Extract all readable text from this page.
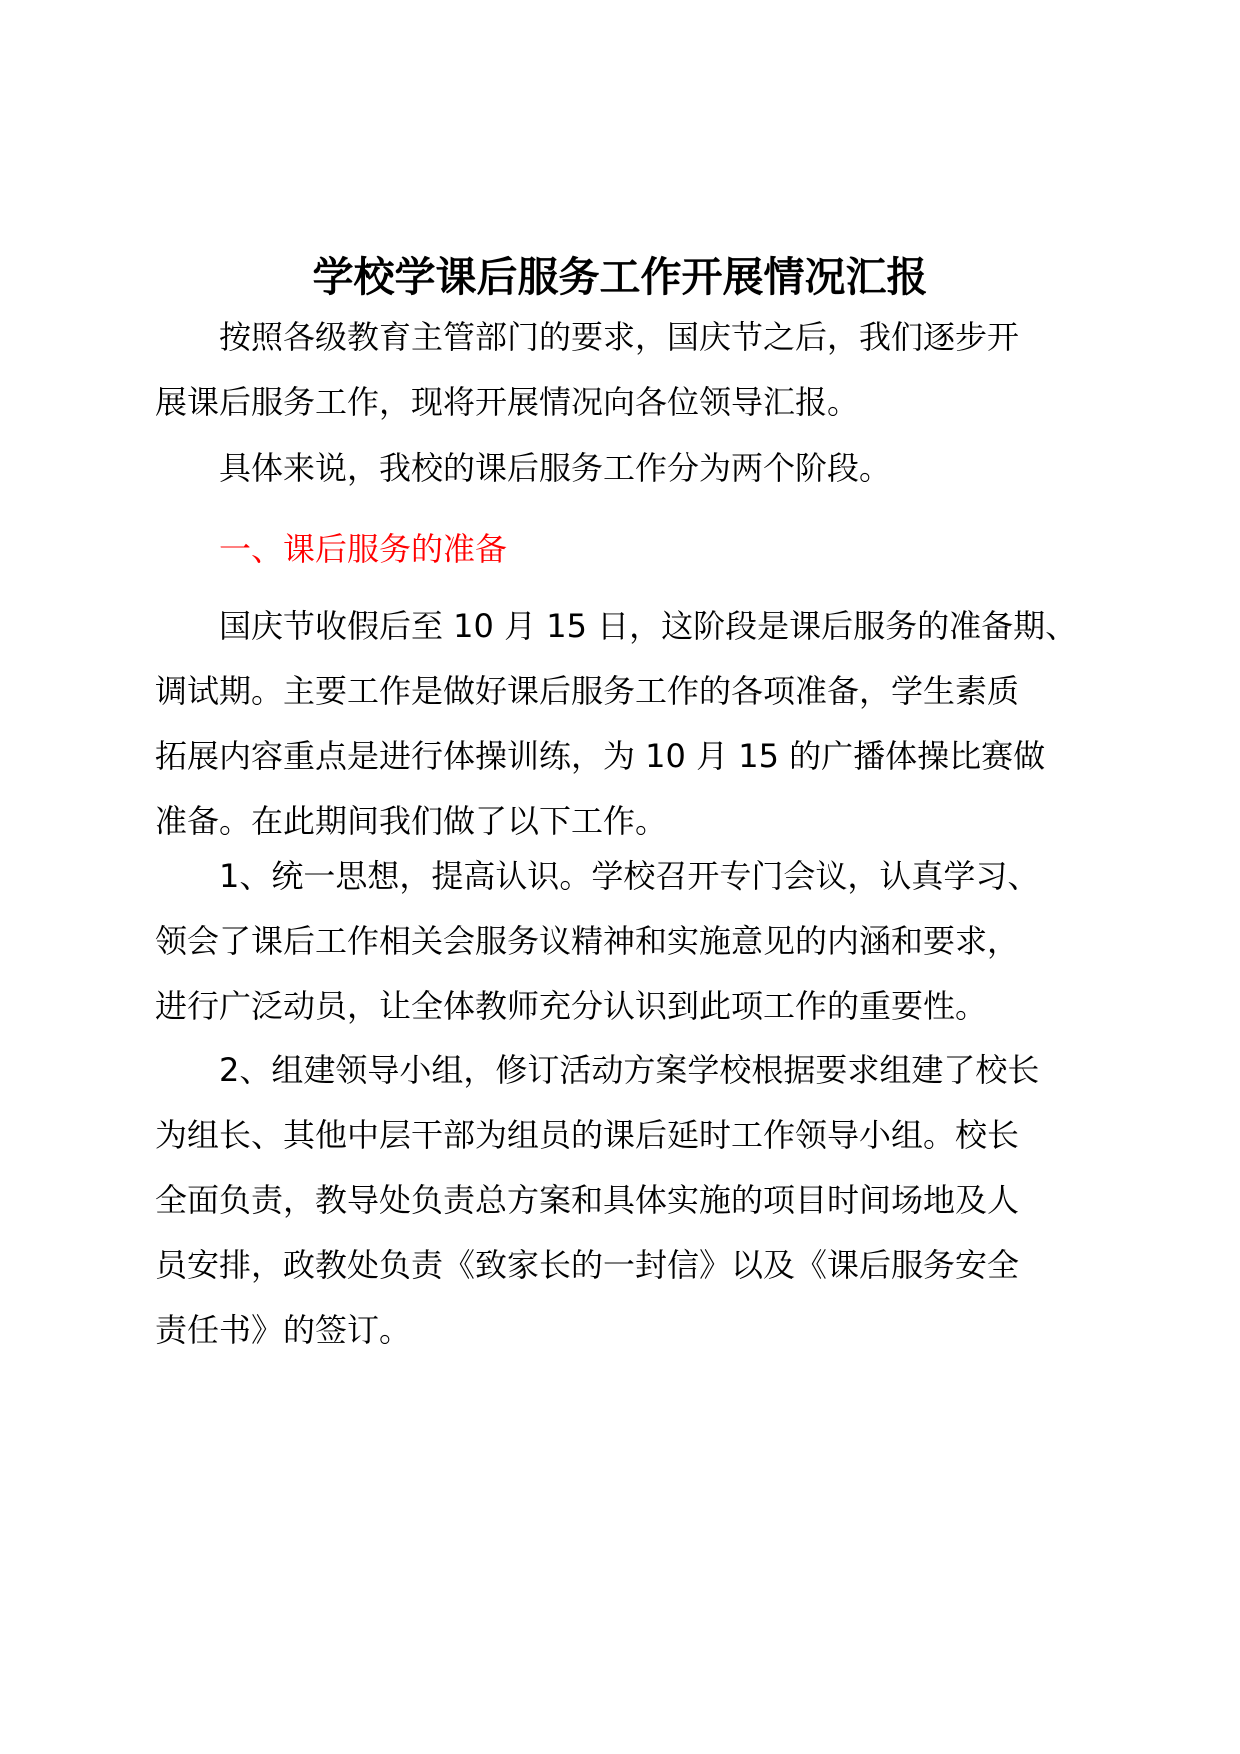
学校学课后服务工作开展情况汇报
按照各级教育主管部门的要求，国庆节之后，我们逐步开
展课后服务工作，现将开展情况向各位领导汇报。
具体来说，我校的课后服务工作分为两个阶段。
一、课后服务的准备
国庆节收假后至 10 月 15 日，这阶段是课后服务的准备期、
调试期。主要工作是做好课后服务工作的各项准备，学生素质
拓展内容重点是进行体操训练，为 10 月 15 的广播体操比赛做
准备。在此期间我们做了以下工作。
1、统一思想，提高认识。学校召开专门会议，认真学习、
领会了课后工作相关会服务议精神和实施意见的内涵和要求，
进行广泛动员，让全体教师充分认识到此项工作的重要性。
2、组建领导小组，修订活动方案学校根据要求组建了校长
为组长、其他中层干部为组员的课后延时工作领导小组。校长
全面负责，教导处负责总方案和具体实施的项目时间场地及人
员安排，政教处负责《致家长的一封信》以及《课后服务安全
责任书》的签订。
